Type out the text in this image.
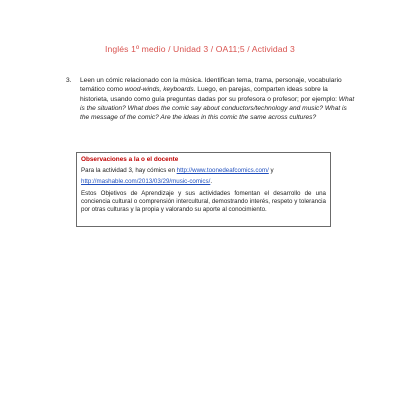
Inglés 1º medio / Unidad 3 / OA11;5 / Actividad 3
3.	Leen un cómic relacionado con la música. Identifican tema, trama, personaje, vocabulario temático como wood-winds, keyboards. Luego, en parejas, comparten ideas sobre la historieta, usando como guía preguntas dadas por su profesora o profesor; por ejemplo: What is the situation? What does the comic say about conductors/technology and music? What is the message of the comic? Are the ideas in this comic the same across cultures?
Observaciones a la o el docente
Para la actividad 3, hay cómics en http://www.toonedeafcomics.com/ y
http://mashable.com/2013/03/29/music-comics/.
Estos Objetivos de Aprendizaje y sus actividades fomentan el desarrollo de una conciencia cultural o comprensión intercultural, demostrando interés, respeto y tolerancia por otras culturas y la propia y valorando su aporte al conocimiento.
